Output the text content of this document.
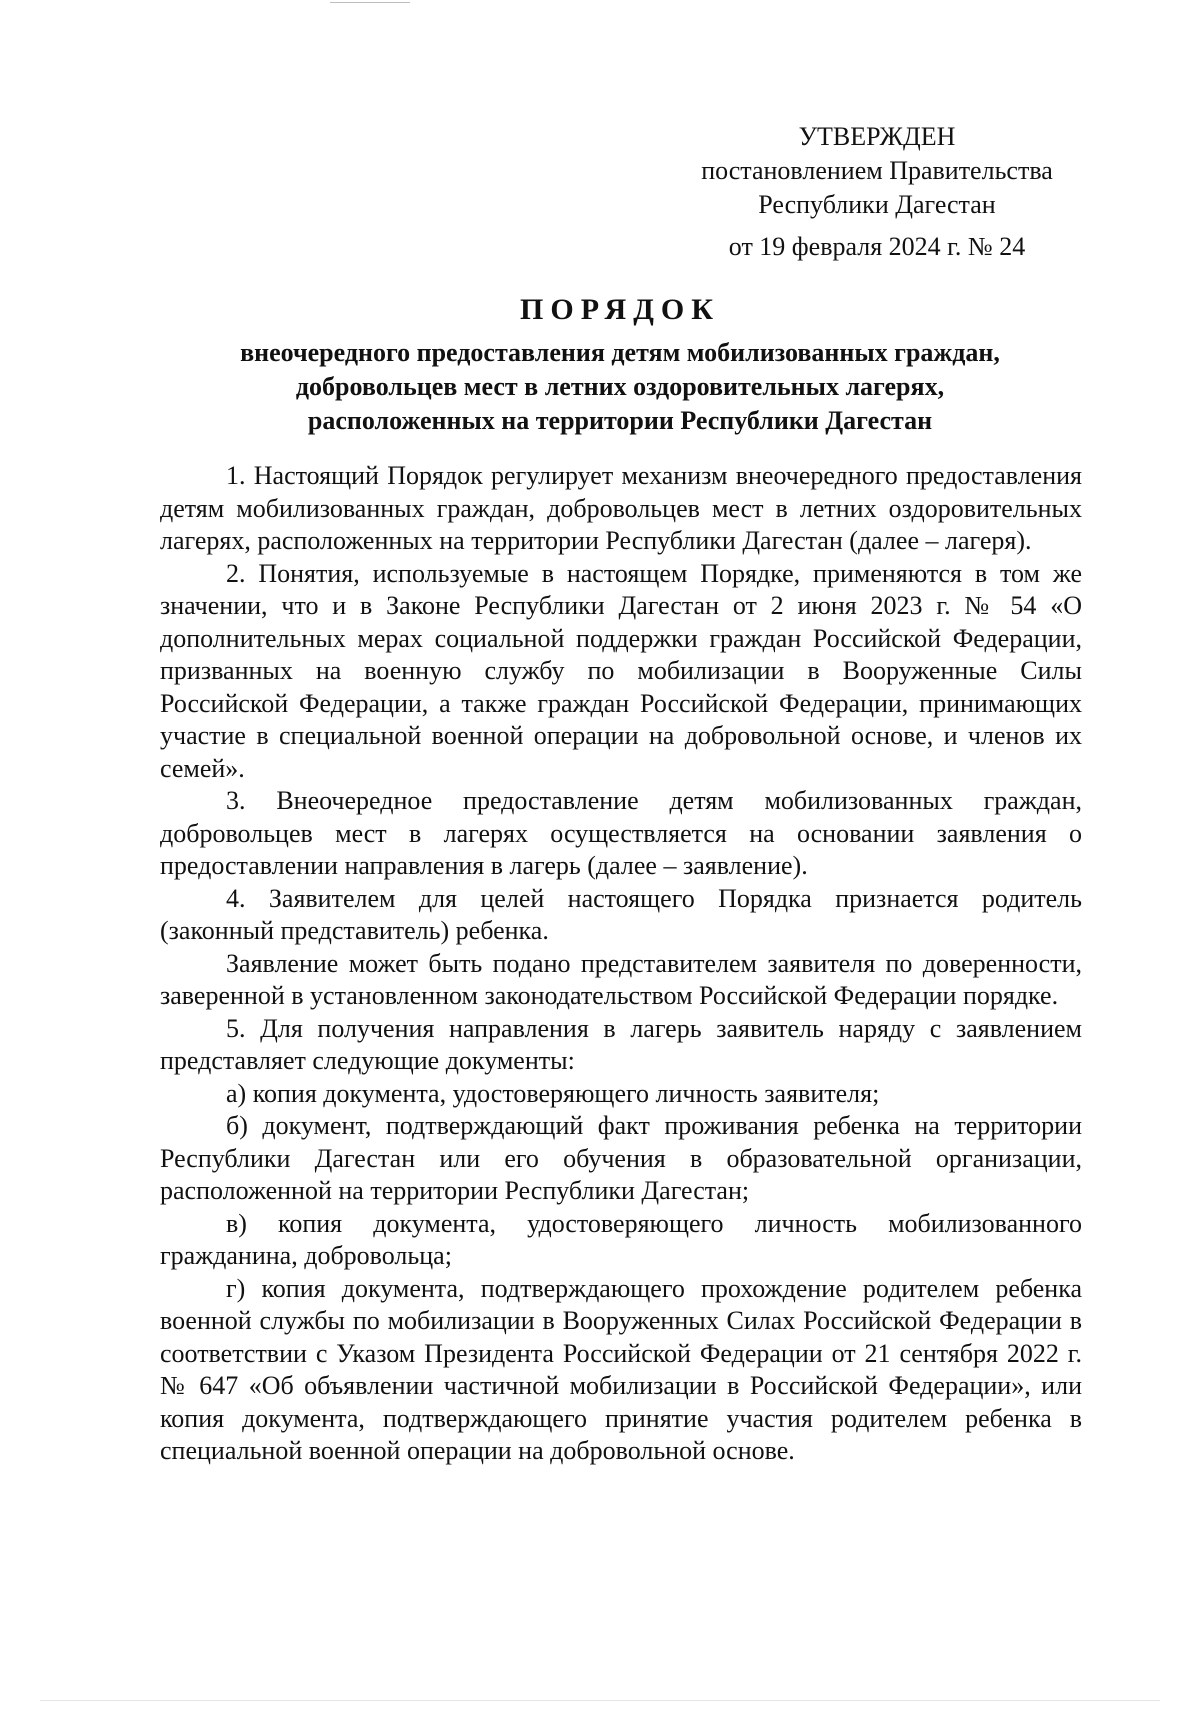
УТВЕРЖДЕН
постановлением Правительства
Республики Дагестан
от 19 февраля 2024 г. № 24
ПОРЯДОК
внеочередного предоставления детям мобилизованных граждан,
добровольцев мест в летних оздоровительных лагерях,
расположенных на территории Республики Дагестан

1. Настоящий Порядок регулирует механизм внеочередного предоставления детям мобилизованных граждан, добровольцев мест в летних оздоровительных лагерях, расположенных на территории Республики Дагестан (далее – лагеря).

2. Понятия, используемые в настоящем Порядке, применяются в том же значении, что и в Законе Республики Дагестан от 2 июня 2023 г. № 54 «О дополнительных мерах социальной поддержки граждан Российской Федерации, призванных на военную службу по мобилизации в Вооруженные Силы Российской Федерации, а также граждан Российской Федерации, принимающих участие в специальной военной операции на добровольной основе, и членов их семей».

3. Внеочередное предоставление детям мобилизованных граждан, добровольцев мест в лагерях осуществляется на основании заявления о предоставлении направления в лагерь (далее – заявление).

4. Заявителем для целей настоящего Порядка признается родитель (законный представитель) ребенка.

Заявление может быть подано представителем заявителя по доверенности, заверенной в установленном законодательством Российской Федерации порядке.

5. Для получения направления в лагерь заявитель наряду с заявлением представляет следующие документы:

а) копия документа, удостоверяющего личность заявителя;

б) документ, подтверждающий факт проживания ребенка на территории Республики Дагестан или его обучения в образовательной организации, расположенной на территории Республики Дагестан;

в) копия документа, удостоверяющего личность мобилизованного гражданина, добровольца;

г) копия документа, подтверждающего прохождение родителем ребенка военной службы по мобилизации в Вооруженных Силах Российской Федерации в соответствии с Указом Президента Российской Федерации от 21 сентября 2022 г. № 647 «Об объявлении частичной мобилизации в Российской Федерации», или копия документа, подтверждающего принятие участия родителем ребенка в специальной военной операции на добровольной основе.
